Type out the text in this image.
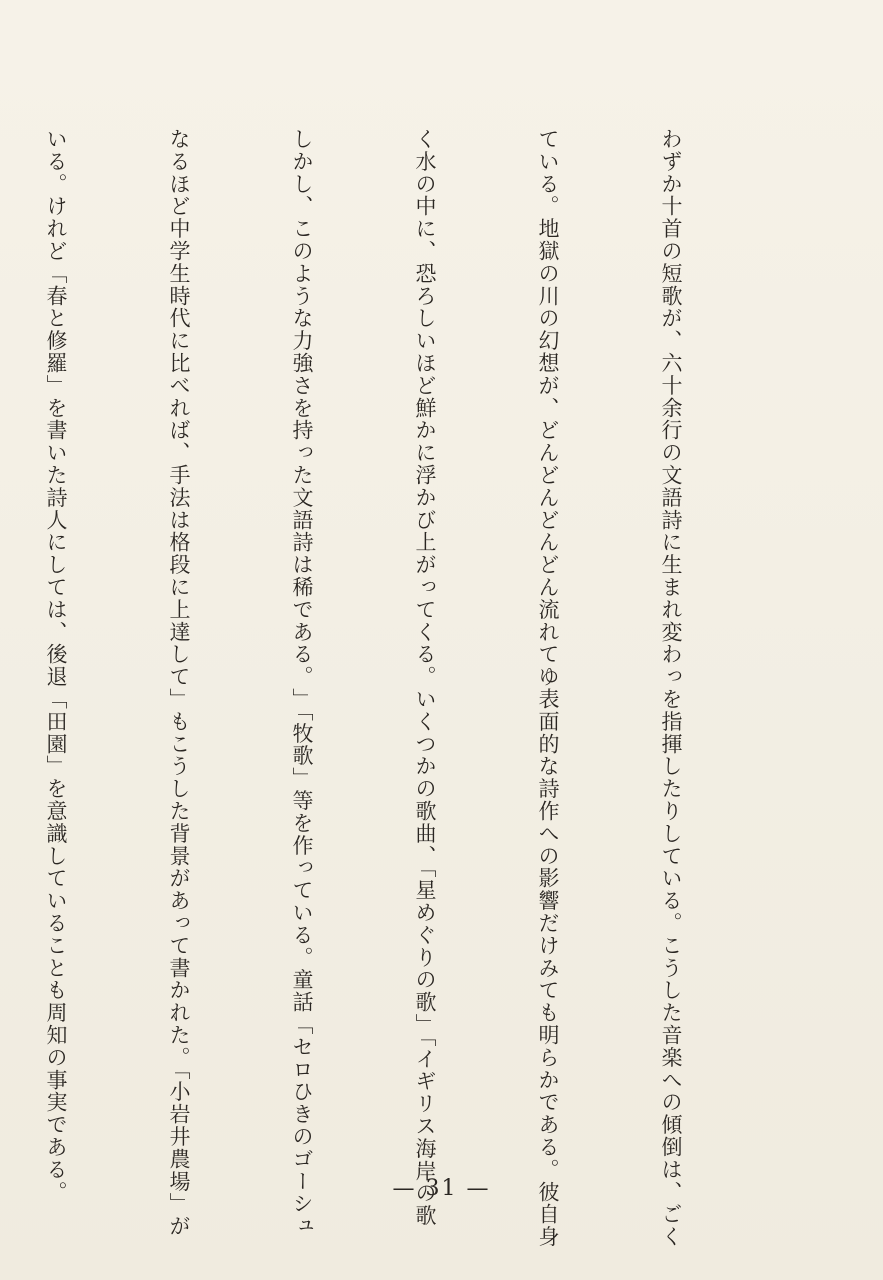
わずか十首の短歌が、六十余行の文語詩に生まれ変わっ

ている。地獄の川の幻想が、どんどんどんどん流れてゆ

く水の中に、恐ろしいほど鮮かに浮かび上がってくる。

しかし、このような力強さを持った文語詩は稀である。

なるほど中学生時代に比べれば、手法は格段に上達して

いる。けれど「春と修羅」を書いた詩人にしては、後退

を指揮したりしている。こうした音楽への傾倒は、ごく

表面的な詩作への影響だけみても明らかである。彼自身

いくつかの歌曲、「星めぐりの歌」「イギリス海岸の歌

」「牧歌」等を作っている。童話「セロひきのゴーシュ

」もこうした背景があって書かれた。「小岩井農場」が

「田園」を意識していることも周知の事実である。

	— 31 —
